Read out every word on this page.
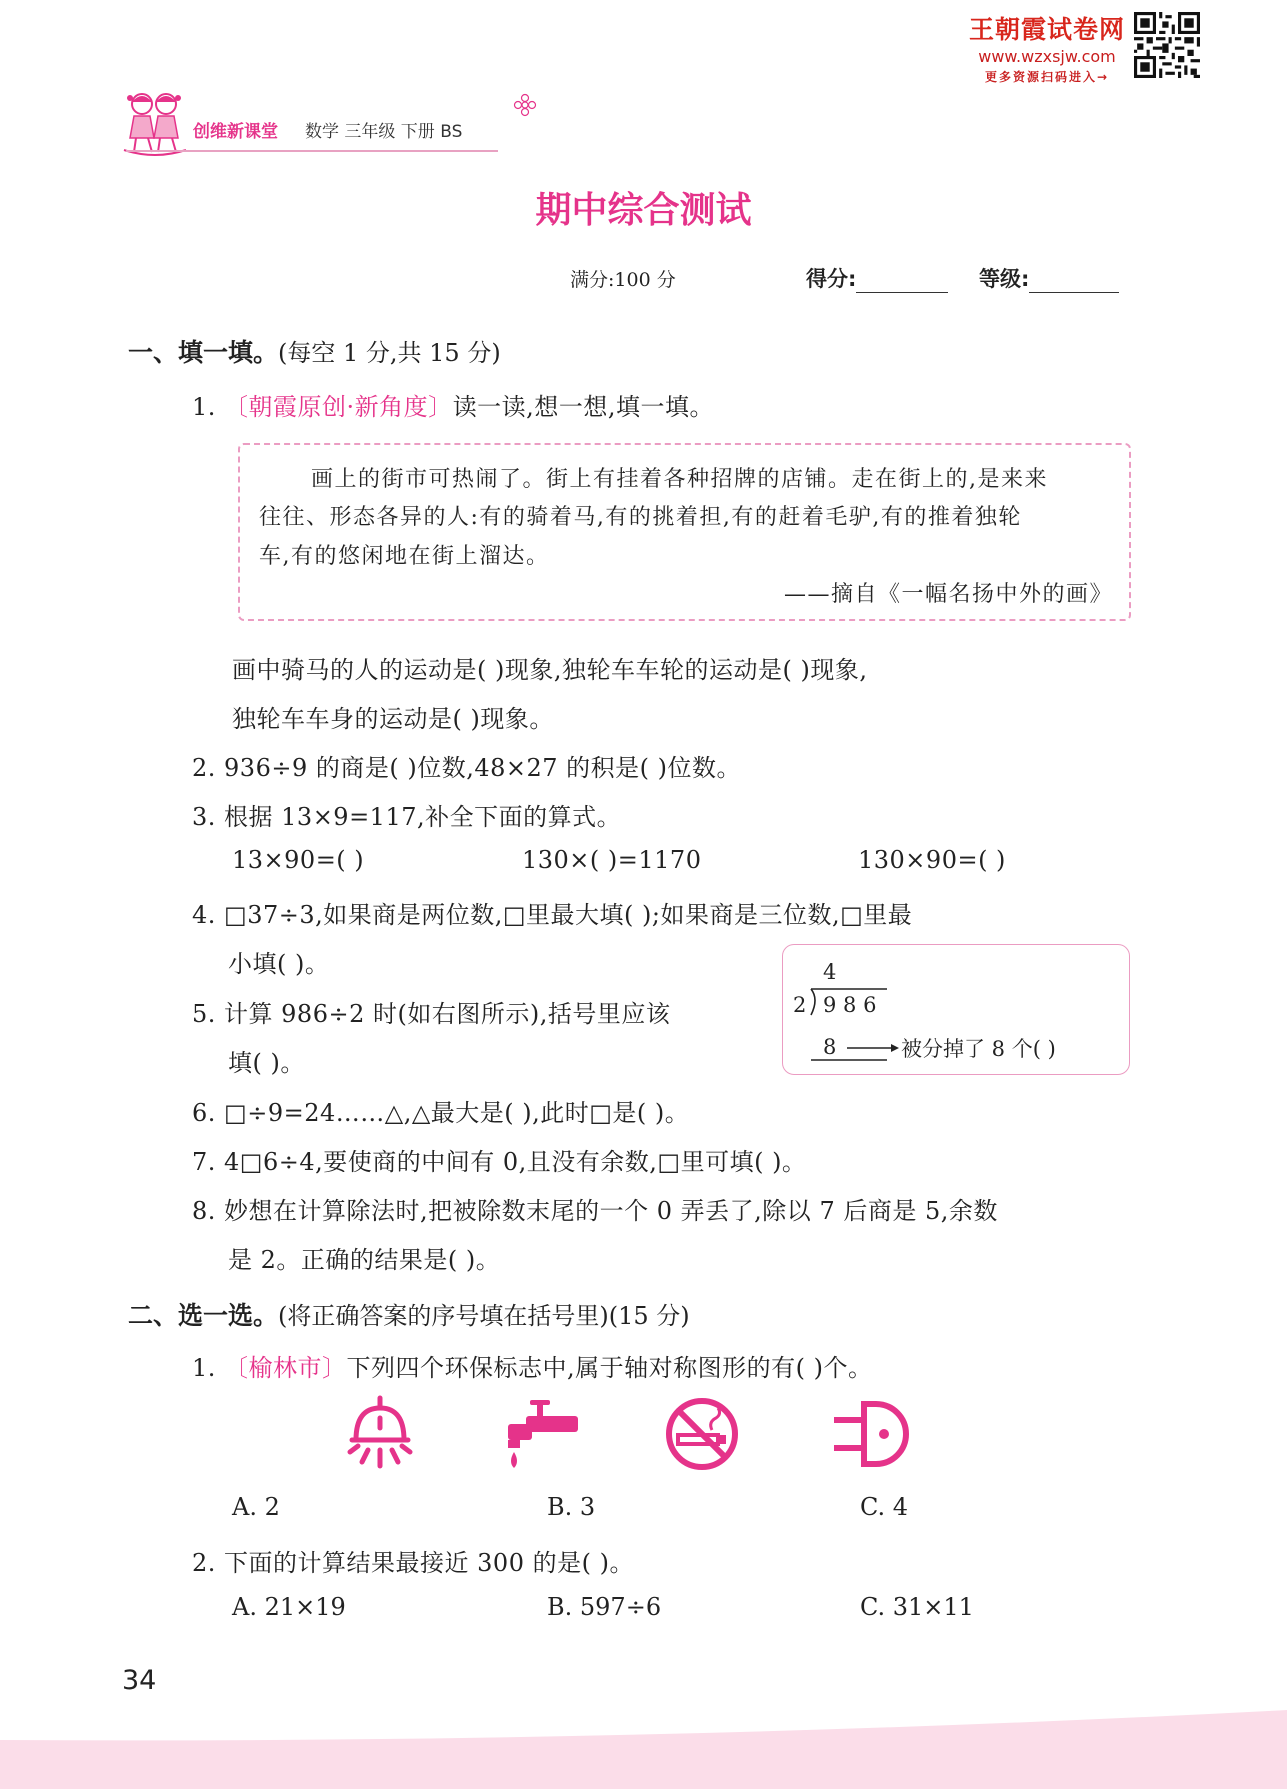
王朝霞试卷网
www.wzxsjw.com
更多资源扫码进入→
创维新课堂 数学 三年级 下册 BS
期中综合测试
满分:100 分	得分:	等级:
一、填一填。(每空 1 分,共 15 分)
1. 〔朝霞原创·新角度〕读一读,想一想,填一填。
画上的街市可热闹了。街上有挂着各种招牌的店铺。走在街上的,是来来
往往、形态各异的人:有的骑着马,有的挑着担,有的赶着毛驴,有的推着独轮
车,有的悠闲地在街上溜达。
——摘自《一幅名扬中外的画》
画中骑马的人的运动是( )现象,独轮车车轮的运动是( )现象,
独轮车车身的运动是( )现象。
2. 936÷9 的商是( )位数,48×27 的积是( )位数。
3. 根据 13×9=117,补全下面的算式。
13×90=( )	130×( )=1170	130×90=( )
4. □37÷3,如果商是两位数,□里最大填( );如果商是三位数,□里最
小填( )。
5. 计算 986÷2 时(如右图所示),括号里应该
填( )。
4
2 9 8 6
8	被分掉了 8 个( )
6. □÷9=24……△,△最大是( ),此时□是( )。
7. 4□6÷4,要使商的中间有 0,且没有余数,□里可填( )。
8. 妙想在计算除法时,把被除数末尾的一个 0 弄丢了,除以 7 后商是 5,余数
是 2。正确的结果是( )。
二、选一选。(将正确答案的序号填在括号里)(15 分)
1. 〔榆林市〕下列四个环保标志中,属于轴对称图形的有( )个。
A. 2	B. 3	C. 4
2. 下面的计算结果最接近 300 的是( )。
A. 21×19	B. 597÷6	C. 31×11
34
